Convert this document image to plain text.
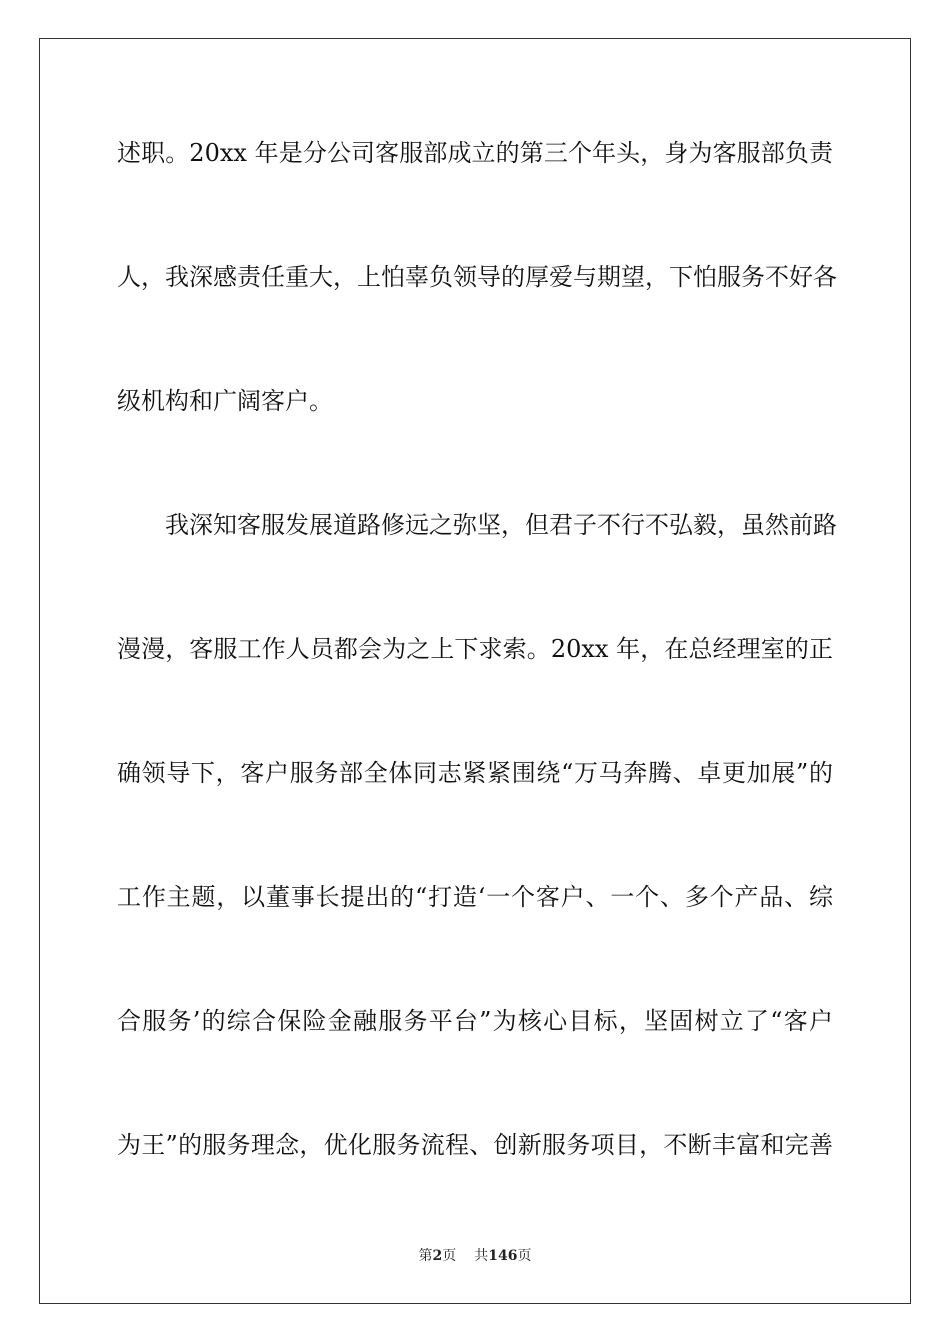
述职。20xx 年是分公司客服部成立的第三个年头，身为客服部负责
人，我深感责任重大，上怕辜负领导的厚爱与期望，下怕服务不好各
级机构和广阔客户。
我深知客服发展道路修远之弥坚，但君子不行不弘毅，虽然前路
漫漫，客服工作人员都会为之上下求索。20xx 年，在总经理室的正
确领导下，客户服务部全体同志紧紧围绕“万马奔腾、卓更加展”的
工作主题，以董事长提出的“打造‘一个客户、一个、多个产品、综
合服务’的综合保险金融服务平台”为核心目标，坚固树立了“客户
为王”的服务理念，优化服务流程、创新服务项目，不断丰富和完善
第2页 共146页
